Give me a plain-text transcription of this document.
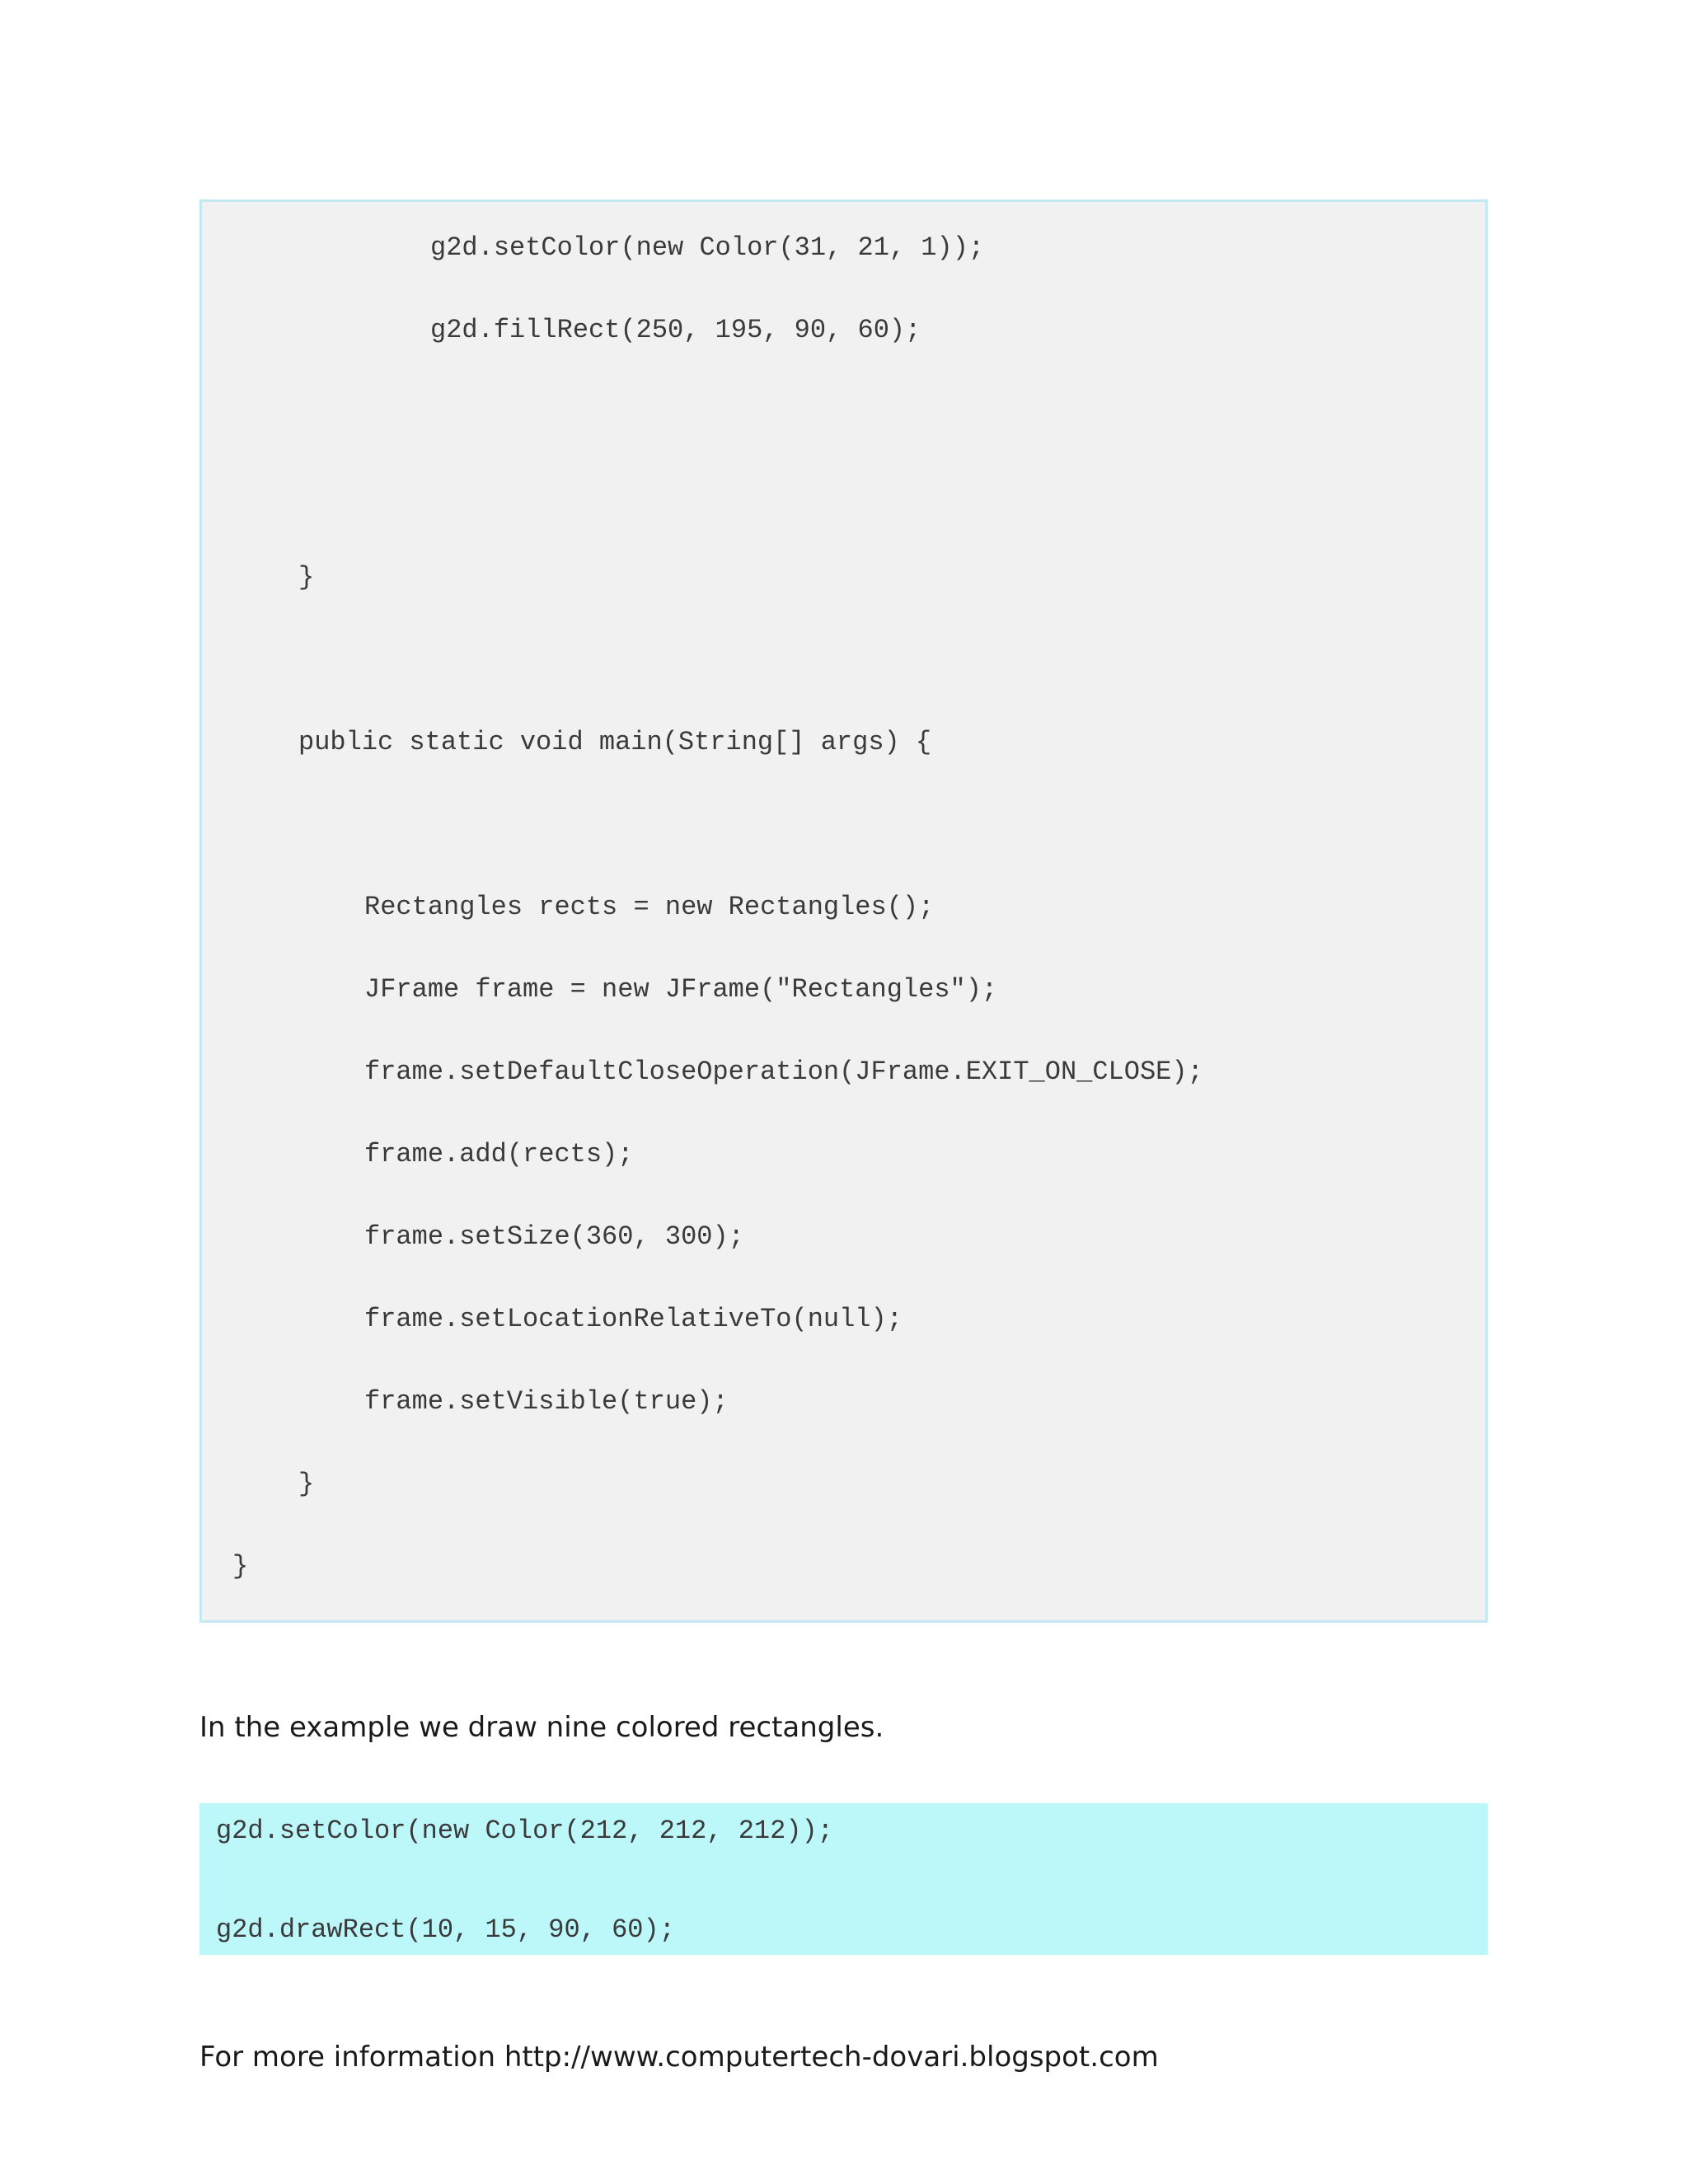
g2d.setColor(new Color(31, 21, 1));
g2d.fillRect(250, 195, 90, 60);
}
public static void main(String[] args) {
Rectangles rects = new Rectangles();
JFrame frame = new JFrame("Rectangles");
frame.setDefaultCloseOperation(JFrame.EXIT_ON_CLOSE);
frame.add(rects);
frame.setSize(360, 300);
frame.setLocationRelativeTo(null);
frame.setVisible(true);
}
}

In the example we draw nine colored rectangles.

g2d.setColor(new Color(212, 212, 212));
g2d.drawRect(10, 15, 90, 60);

For more information http://www.computertech-dovari.blogspot.com
